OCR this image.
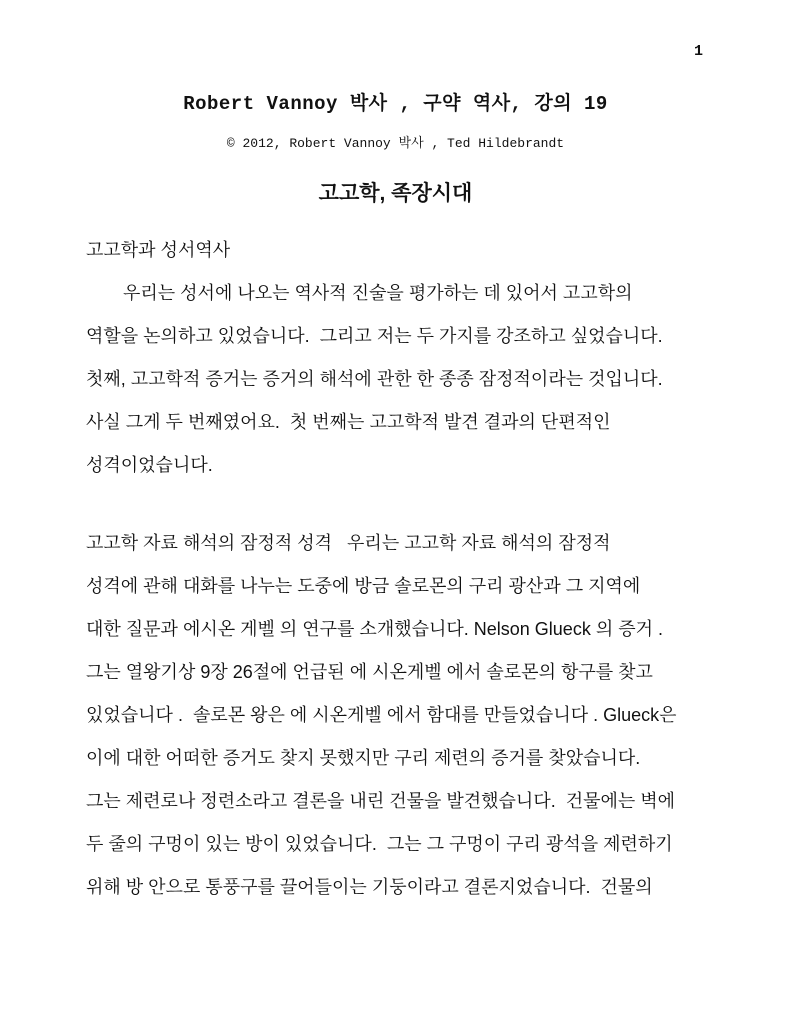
1
Robert Vannoy 박사 , 구약 역사, 강의 19
© 2012, Robert Vannoy 박사 , Ted Hildebrandt
고고학, 족장시대
고고학과 성서역사
우리는 성서에 나오는 역사적 진술을 평가하는 데 있어서 고고학의
역할을 논의하고 있었습니다.  그리고 저는 두 가지를 강조하고 싶었습니다.
첫째, 고고학적 증거는 증거의 해석에 관한 한 종종 잠정적이라는 것입니다.
사실 그게 두 번째였어요.  첫 번째는 고고학적 발견 결과의 단편적인
성격이었습니다.
고고학 자료 해석의 잠정적 성격   우리는 고고학 자료 해석의 잠정적
성격에 관해 대화를 나누는 도중에 방금 솔로몬의 구리 광산과 그 지역에
대한 질문과 에시온 게벨 의 연구를 소개했습니다. Nelson Glueck 의 증거 .
그는 열왕기상 9장 26절에 언급된 에 시온게벨 에서 솔로몬의 항구를 찾고
있었습니다 .  솔로몬 왕은 에 시온게벨 에서 함대를 만들었습니다 . Glueck은
이에 대한 어떠한 증거도 찾지 못했지만 구리 제련의 증거를 찾았습니다.
그는 제련로나 정련소라고 결론을 내린 건물을 발견했습니다.  건물에는 벽에
두 줄의 구멍이 있는 방이 있었습니다.  그는 그 구멍이 구리 광석을 제련하기
위해 방 안으로 통풍구를 끌어들이는 기둥이라고 결론지었습니다.  건물의
